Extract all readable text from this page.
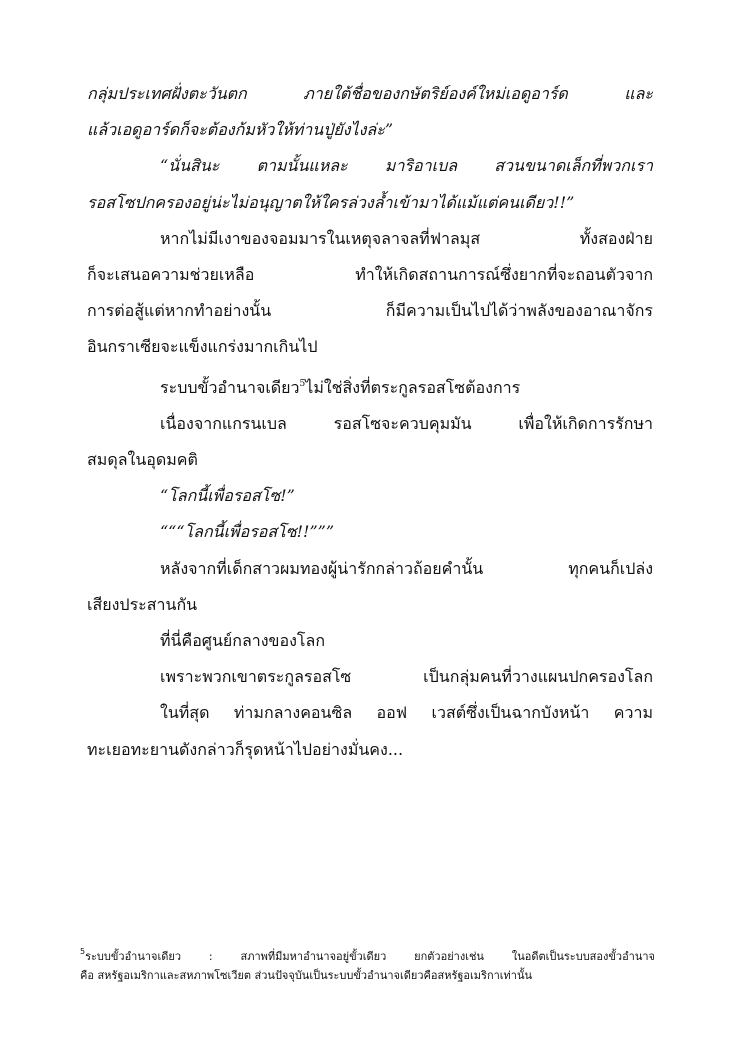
กลุ่มประเทศฝั่งตะวันตก ภายใต้ชื่อของกษัตริย์องค์ใหม่เอดูอาร์ด และ
แล้วเอดูอาร์ดก็จะต้องก้มหัวให้ท่านปู่ยังไงล่ะ”
“นั่นสินะ ตามนั้นแหละ มาริอาเบล สวนขนาดเล็กที่พวกเรา
รอสโซปกครองอยู่น่ะไม่อนุญาตให้ใครล่วงล้ำเข้ามาได้แม้แต่คนเดียว!!”
หากไม่มีเงาของจอมมารในเหตุจลาจลที่ฟาลมุส ทั้งสองฝ่าย
ก็จะเสนอความช่วยเหลือ ทำให้เกิดสถานการณ์ซึ่งยากที่จะถอนตัวจาก
การต่อสู้แต่หากทำอย่างนั้น ก็มีความเป็นไปได้ว่าพลังของอาณาจักร
อินกราเซียจะแข็งแกร่งมากเกินไป
ระบบขั้วอำนาจเดียว$^5$ไม่ใช่สิ่งที่ตระกูลรอสโซต้องการ
เนื่องจากแกรนเบล รอสโซจะควบคุมมัน เพื่อให้เกิดการรักษา
สมดุลในอุดมคติ
“โลกนี้เพื่อรอสโซ!”
“““โลกนี้เพื่อรอสโซ!!”””
หลังจากที่เด็กสาวผมทองผู้น่ารักกล่าวถ้อยคำนั้น ทุกคนก็เปล่ง
เสียงประสานกัน
ที่นี่คือศูนย์กลางของโลก
เพราะพวกเขาตระกูลรอสโซ เป็นกลุ่มคนที่วางแผนปกครองโลก
ในที่สุด ท่ามกลางคอนซิล ออฟ เวสต์ซึ่งเป็นฉากบังหน้า ความ
ทะเยอทะยานดังกล่าวก็รุดหน้าไปอย่างมั่นคง...
$^5$ระบบขั้วอำนาจเดียว : สภาพที่มีมหาอำนาจอยู่ขั้วเดียว ยกตัวอย่างเช่น ในอดีตเป็นระบบสองขั้วอำนาจ
คือ สหรัฐอเมริกาและสหภาพโซเวียต ส่วนปัจจุบันเป็นระบบขั้วอำนาจเดียวคือสหรัฐอเมริกาเท่านั้น
